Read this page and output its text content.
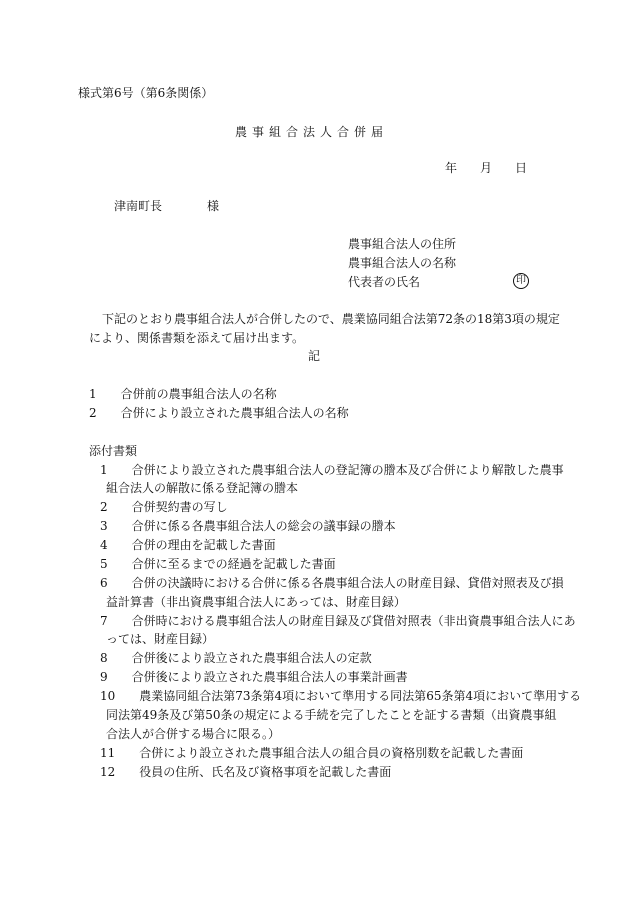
様式第6号（第6条関係）
農事組合法人合併届
年 月 日
津南町長	様
農事組合法人の住所
農事組合法人の名称
代表者の氏名	印
下記のとおり農事組合法人が合併したので、農業協同組合法第72条の18第3項の規定
により、関係書類を添えて届け出ます。
記
1 合併前の農事組合法人の名称
2 合併により設立された農事組合法人の名称
添付書類
1 合併により設立された農事組合法人の登記簿の謄本及び合併により解散した農事
組合法人の解散に係る登記簿の謄本
2 合併契約書の写し
3 合併に係る各農事組合法人の総会の議事録の謄本
4 合併の理由を記載した書面
5 合併に至るまでの経過を記載した書面
6 合併の決議時における合併に係る各農事組合法人の財産目録、貸借対照表及び損
益計算書（非出資農事組合法人にあっては、財産目録）
7 合併時における農事組合法人の財産目録及び貸借対照表（非出資農事組合法人にあ
っては、財産目録）
8 合併後により設立された農事組合法人の定款
9 合併後により設立された農事組合法人の事業計画書
10 農業協同組合法第73条第4項において準用する同法第65条第4項において準用する
同法第49条及び第50条の規定による手続を完了したことを証する書類（出資農事組
合法人が合併する場合に限る。）
11 合併により設立された農事組合法人の組合員の資格別数を記載した書面
12 役員の住所、氏名及び資格事項を記載した書面
